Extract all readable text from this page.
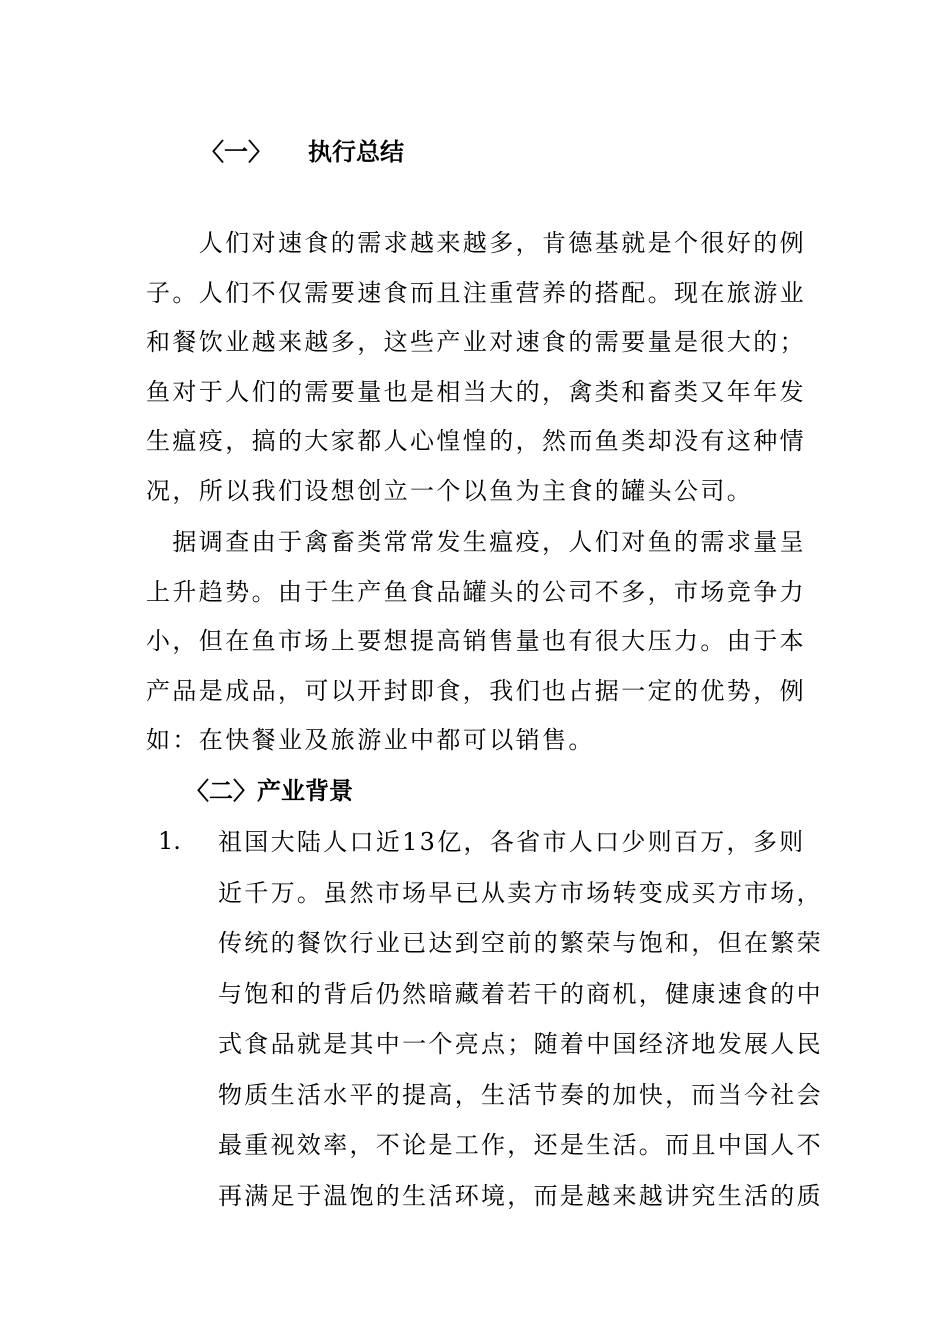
〈一〉 执行总结
　　人们对速食的需求越来越多，肯德基就是个很好的例
子。人们不仅需要速食而且注重营养的搭配。现在旅游业
和餐饮业越来越多，这些产业对速食的需要量是很大的；
鱼对于人们的需要量也是相当大的，禽类和畜类又年年发
生瘟疫，搞的大家都人心惶惶的，然而鱼类却没有这种情
况，所以我们设想创立一个以鱼为主食的罐头公司。
　据调查由于禽畜类常常发生瘟疫，人们对鱼的需求量呈
上升趋势。由于生产鱼食品罐头的公司不多，市场竞争力
小，但在鱼市场上要想提高销售量也有很大压力。由于本
产品是成品，可以开封即食，我们也占据一定的优势，例
如：在快餐业及旅游业中都可以销售。
〈二〉产业背景
1. 祖国大陆人口近13亿，各省市人口少则百万，多则
近千万。虽然市场早已从卖方市场转变成买方市场，
传统的餐饮行业已达到空前的繁荣与饱和，但在繁荣
与饱和的背后仍然暗藏着若干的商机，健康速食的中
式食品就是其中一个亮点；随着中国经济地发展人民
物质生活水平的提高，生活节奏的加快，而当今社会
最重视效率，不论是工作，还是生活。而且中国人不
再满足于温饱的生活环境，而是越来越讲究生活的质
